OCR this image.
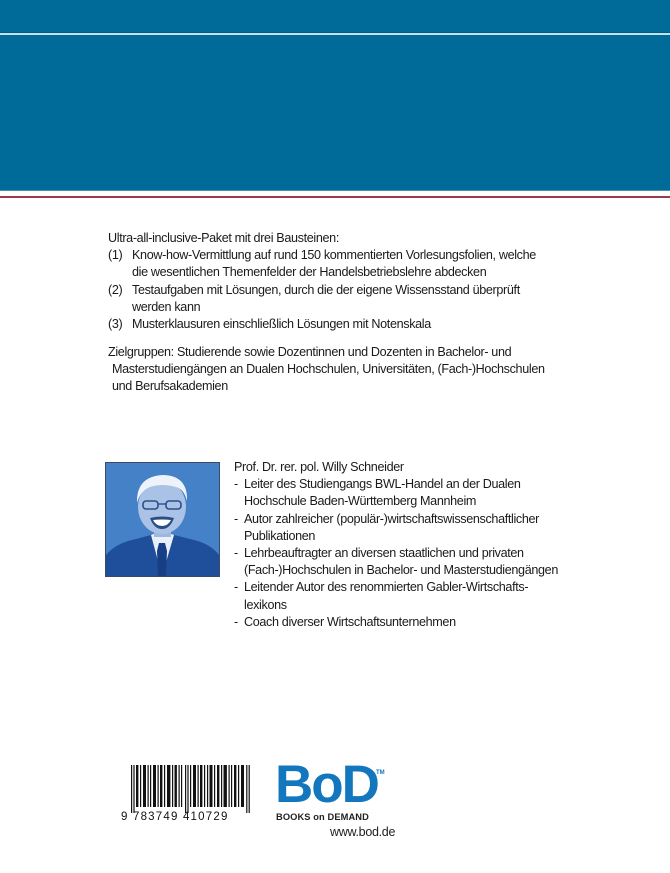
Ultra-all-inclusive-Paket mit drei Bausteinen:
(1) Know-how-Vermittlung auf rund 150 kommentierten Vorlesungsfolien, welche
die wesentlichen Themenfelder der Handelsbetriebslehre abdecken
(2) Testaufgaben mit Lösungen, durch die der eigene Wissensstand überprüft
werden kann
(3) Musterklausuren einschließlich Lösungen mit Notenskala
Zielgruppen: Studierende sowie Dozentinnen und Dozenten in Bachelor- und
Masterstudiengängen an Dualen Hochschulen, Universitäten, (Fach-)Hochschulen
und Berufsakademien
Prof. Dr. rer. pol. Willy Schneider
- Leiter des Studiengangs BWL-Handel an der Dualen
Hochschule Baden-Württemberg Mannheim
- Autor zahlreicher (populär-)wirtschaftswissenschaftlicher
Publikationen
- Lehrbeauftragter an diversen staatlichen und privaten
(Fach-)Hochschulen in Bachelor- und Masterstudiengängen
- Leitender Autor des renommierten Gabler-Wirtschafts-
lexikons
- Coach diverser Wirtschaftsunternehmen
9 783749 410729
BoD
TM
BOOKS on DEMAND
www.bod.de
